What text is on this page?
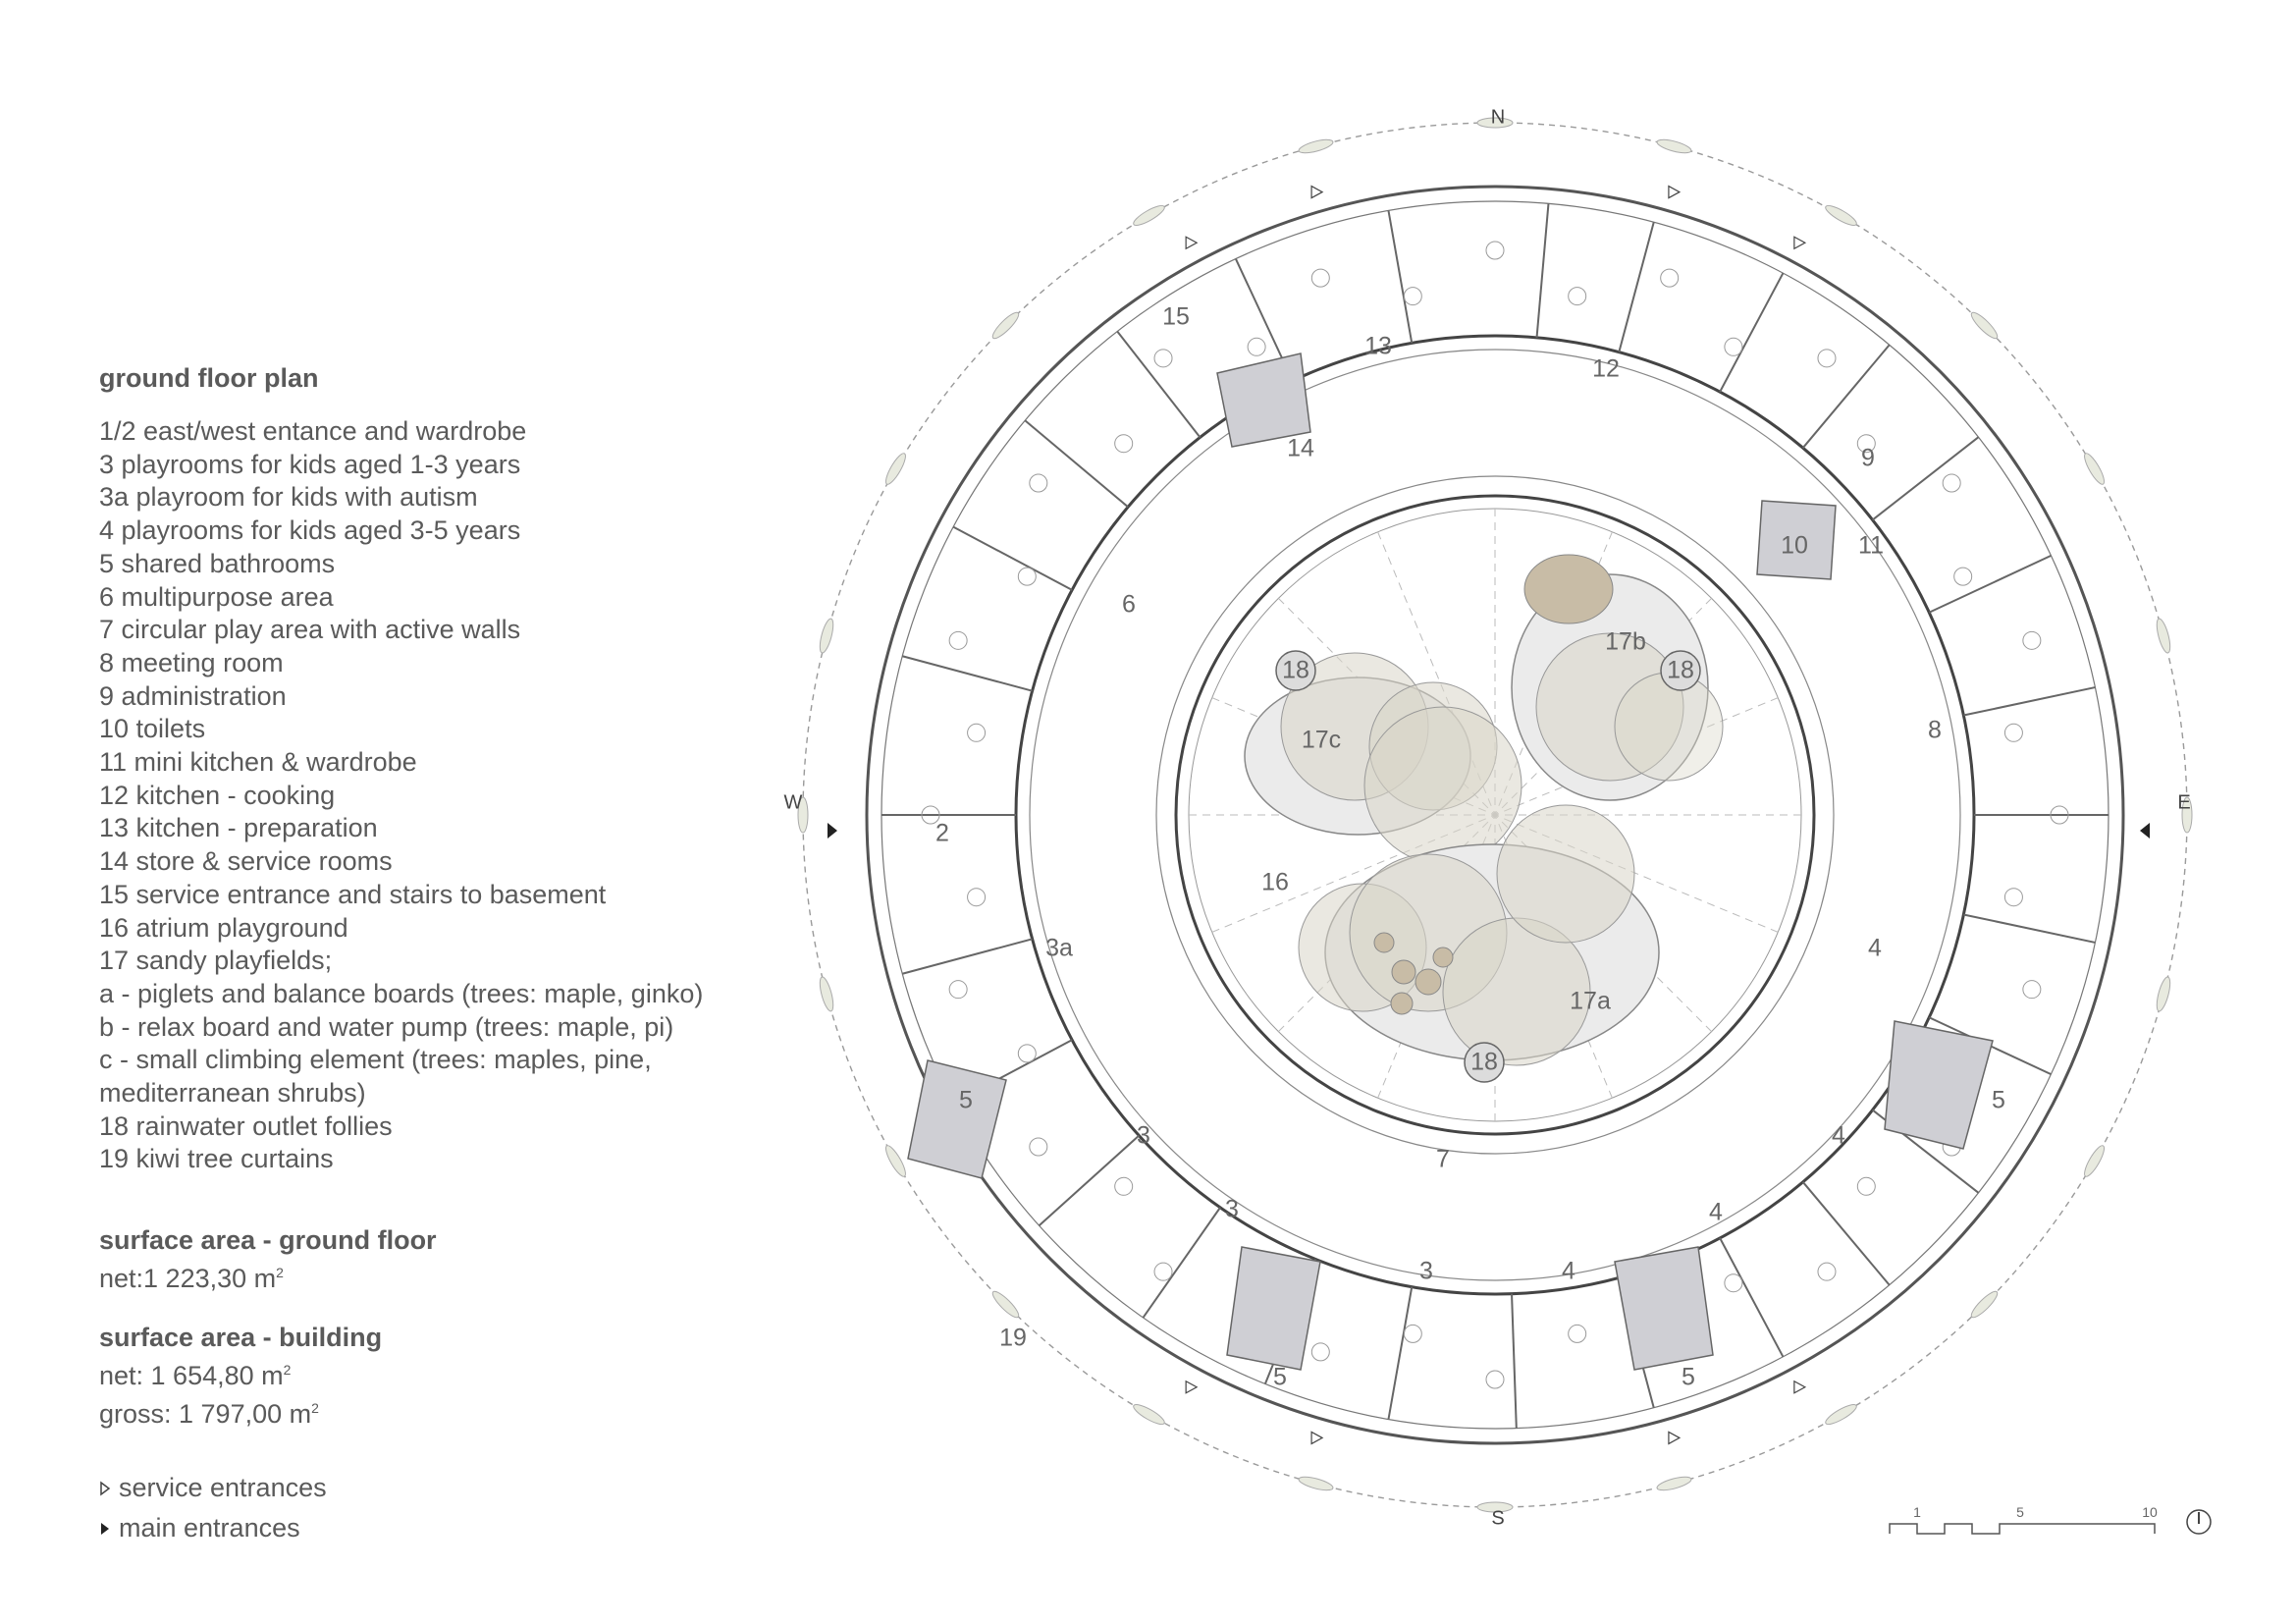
ground floor plan
1/2 east/west entance and wardrobe
3 playrooms for kids aged 1-3 years
3a playroom for kids with autism
4 playrooms for kids aged 3-5 years
5 shared bathrooms
6 multipurpose area
7 circular play area with active walls
8 meeting room
9 administration
10 toilets
11 mini kitchen & wardrobe
12 kitchen - cooking
13 kitchen - preparation
14 store & service rooms
15 service entrance and stairs to basement
16 atrium playground
17 sandy playfields;
a - piglets and balance boards (trees: maple, ginko)
b - relax board and water pump (trees: maple, pi)
c - small climbing element (trees: maples, pine,
mediterranean shrubs)
18 rainwater outlet follies
19 kiwi tree curtains
surface area - ground floor
net:1 223,30 $m^2$
surface area - building
net: 1 654,80 $m^2$
gross: 1 797,00 $m^2$
service entrances
main entrances
N
S
E
W
15
13
12
14	9
10 11
6
8
2
3a	4
5	5
3
3
4
4
7
3	4
5	5
19
16
17a
17b
17c
18	18
18
1	5	10
